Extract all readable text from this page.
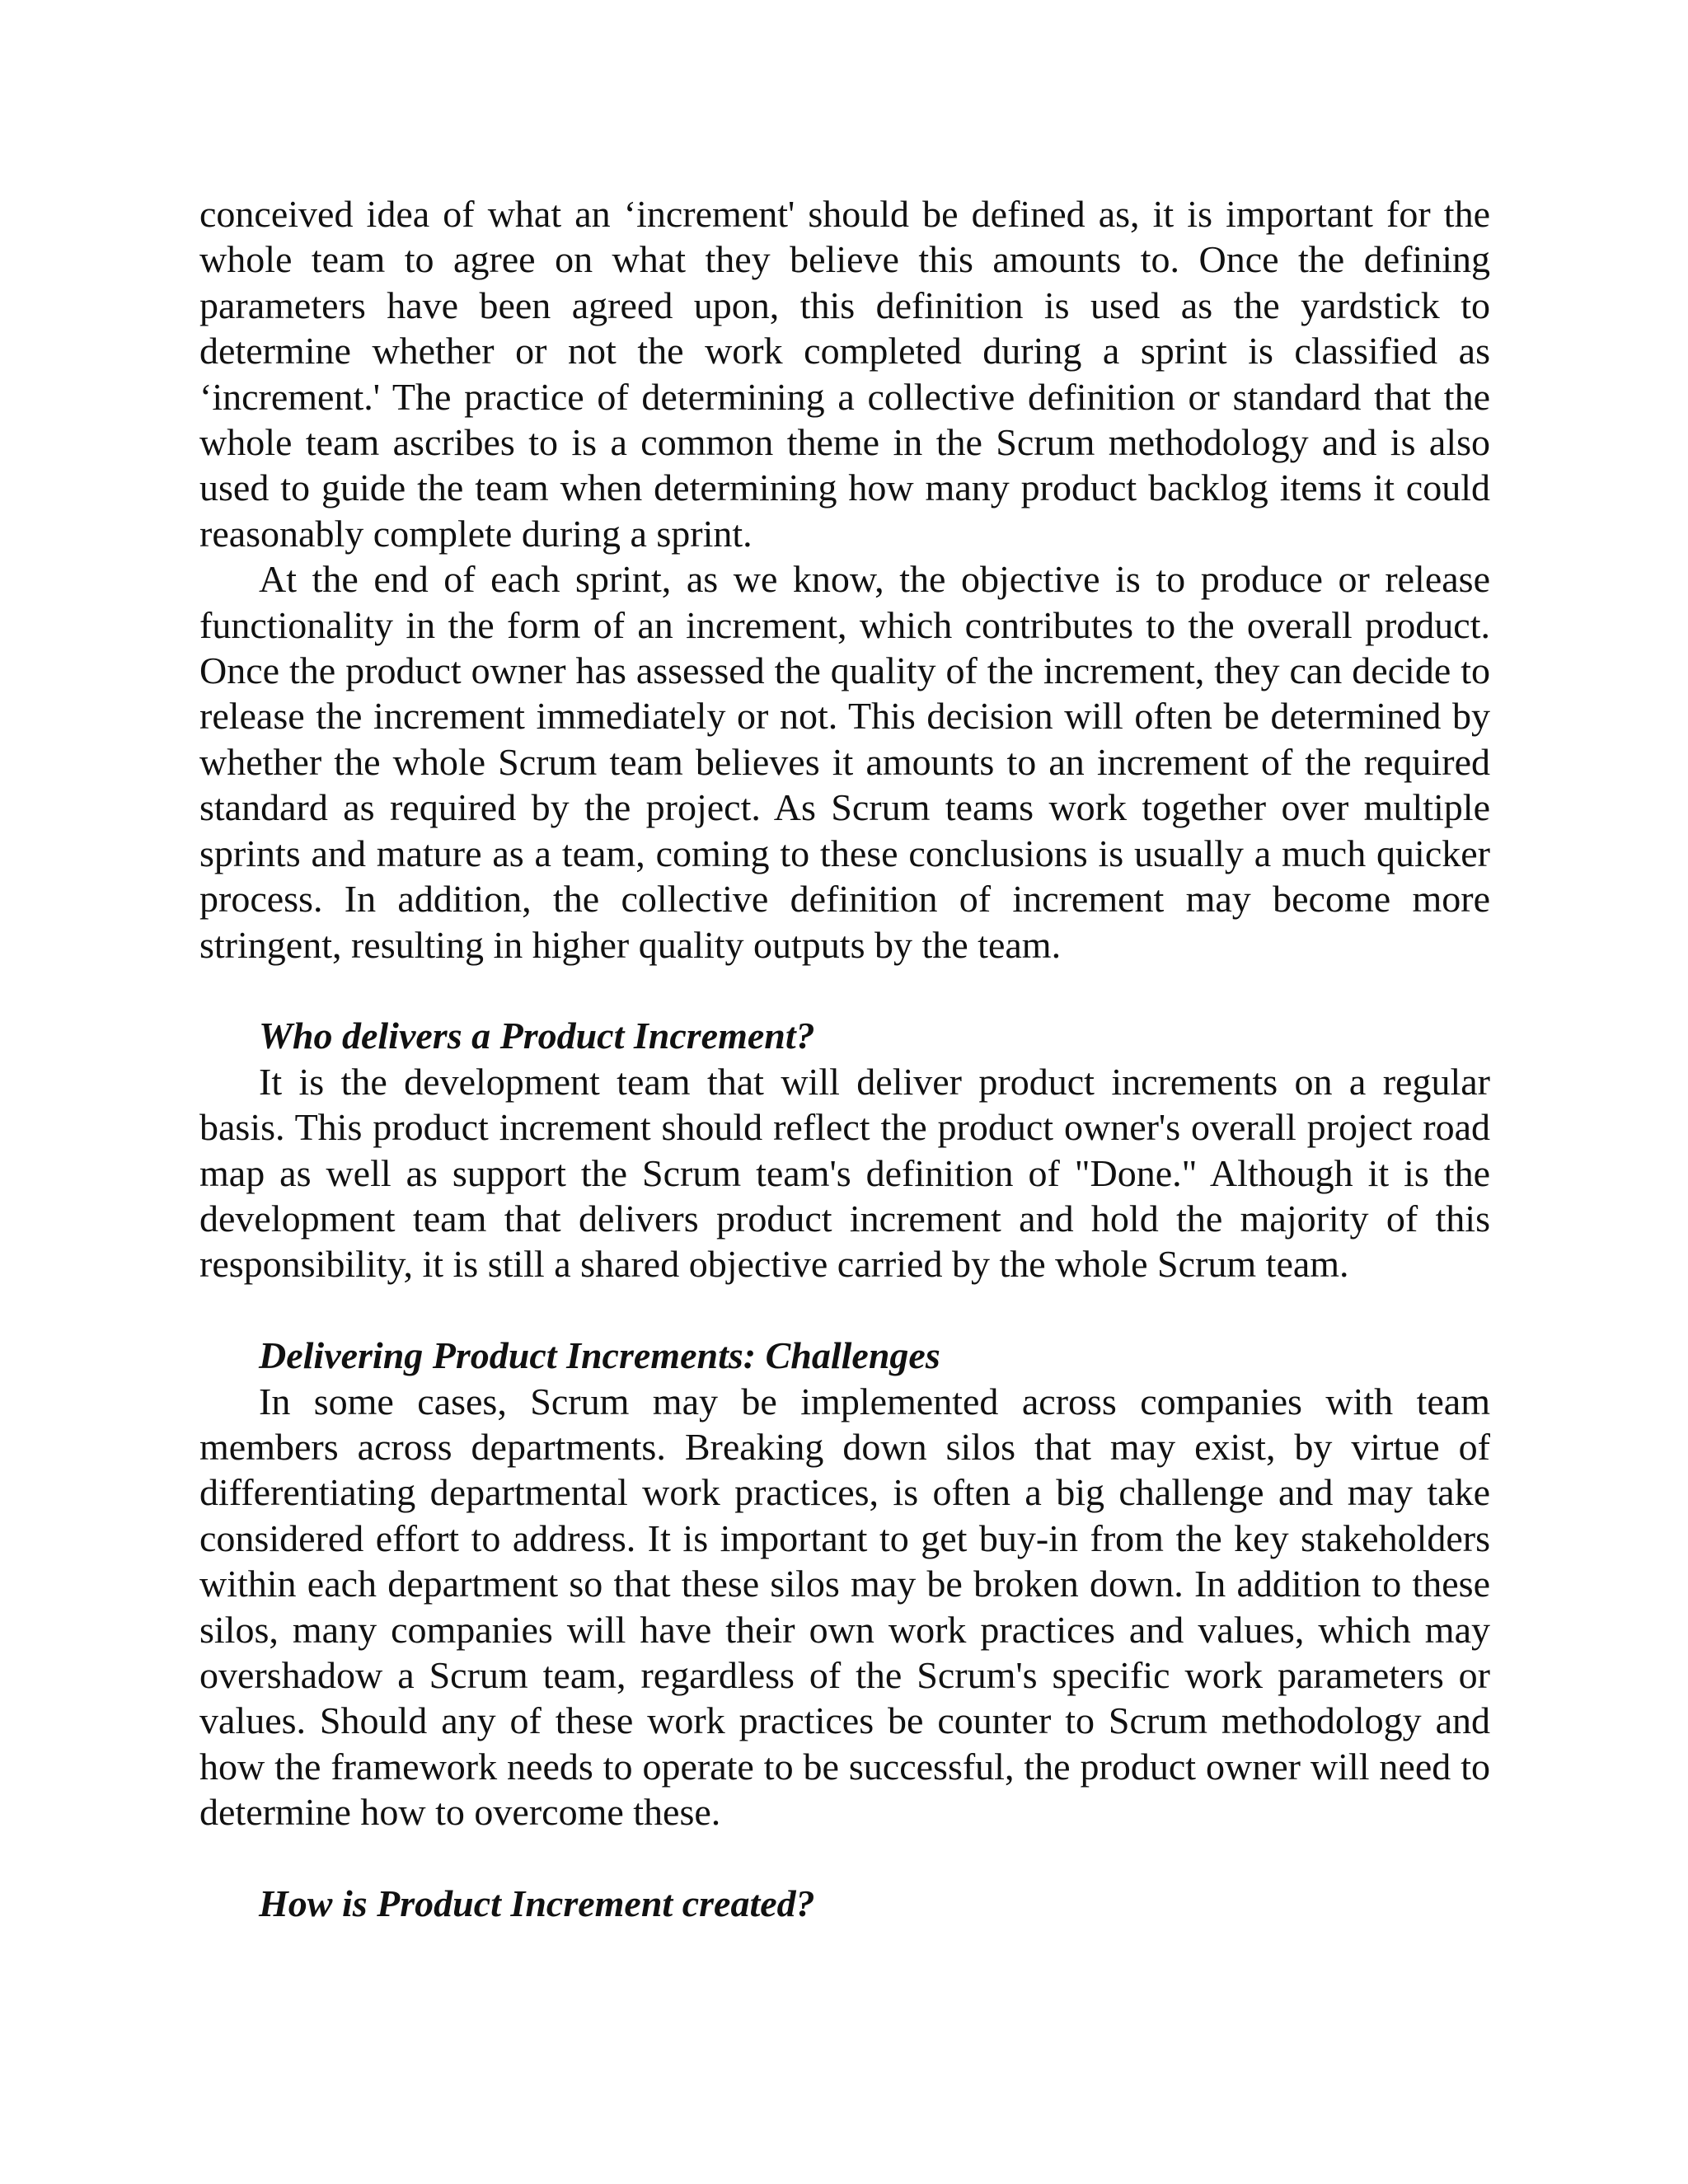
conceived idea of what an ‘increment' should be defined as, it is important for the whole team to agree on what they believe this amounts to. Once the defining parameters have been agreed upon, this definition is used as the yardstick to determine whether or not the work completed during a sprint is classified as ‘increment.' The practice of determining a collective definition or standard that the whole team ascribes to is a common theme in the Scrum methodology and is also used to guide the team when determining how many product backlog items it could reasonably complete during a sprint.

At the end of each sprint, as we know, the objective is to produce or release functionality in the form of an increment, which contributes to the overall product. Once the product owner has assessed the quality of the increment, they can decide to release the increment immediately or not. This decision will often be determined by whether the whole Scrum team believes it amounts to an increment of the required standard as required by the project. As Scrum teams work together over multiple sprints and mature as a team, coming to these conclusions is usually a much quicker process. In addition, the collective definition of increment may become more stringent, resulting in higher quality outputs by the team.

Who delivers a Product Increment?

It is the development team that will deliver product increments on a regular basis. This product increment should reflect the product owner's overall project road map as well as support the Scrum team's definition of "Done." Although it is the development team that delivers product increment and hold the majority of this responsibility, it is still a shared objective carried by the whole Scrum team.

Delivering Product Increments: Challenges

In some cases, Scrum may be implemented across companies with team members across departments. Breaking down silos that may exist, by virtue of differentiating departmental work practices, is often a big challenge and may take considered effort to address. It is important to get buy-in from the key stakeholders within each department so that these silos may be broken down. In addition to these silos, many companies will have their own work practices and values, which may overshadow a Scrum team, regardless of the Scrum's specific work parameters or values. Should any of these work practices be counter to Scrum methodology and how the framework needs to operate to be successful, the product owner will need to determine how to overcome these.

How is Product Increment created?
